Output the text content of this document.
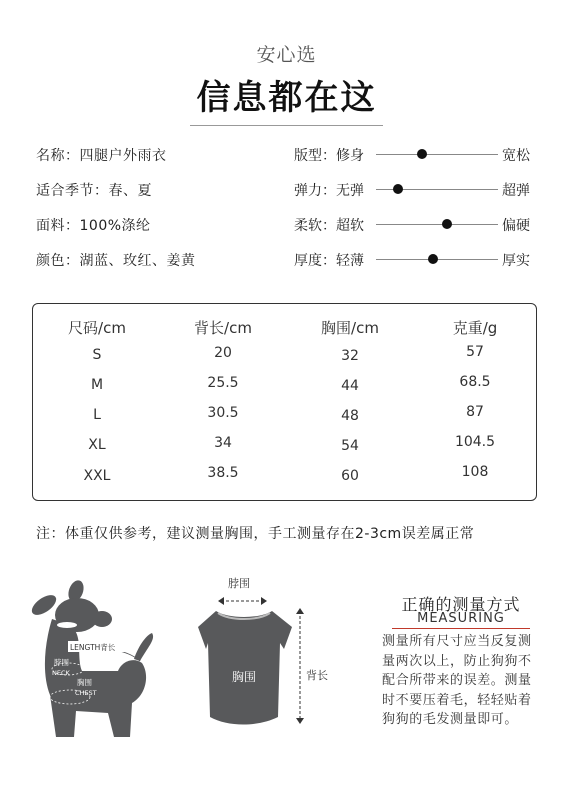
安心选
信息都在这
名称：四腿户外雨衣
适合季节：春、夏
面料：100%涤纶
颜色：湖蓝、玫红、姜黄
版型：修身	宽松
弹力：无弹	超弹
柔软：超软	偏硬
厚度：轻薄	厚实
尺码/cm	背长/cm	胸围/cm	克重/g
S	20	32	57
M	25.5	44	68.5
L	30.5	48	87
XL	34	54	104.5
XXL	38.5	60	108
注：体重仅供参考，建议测量胸围，手工测量存在2-3cm误差属正常
LENGTH背长
脖围
NECK
胸围
CHEST
脖围
胸围	背长
正确的测量方式
MEASURING
测量所有尺寸应当反复测量两次以上，防止狗狗不配合所带来的误差。测量时不要压着毛，轻轻贴着狗狗的毛发测量即可。
